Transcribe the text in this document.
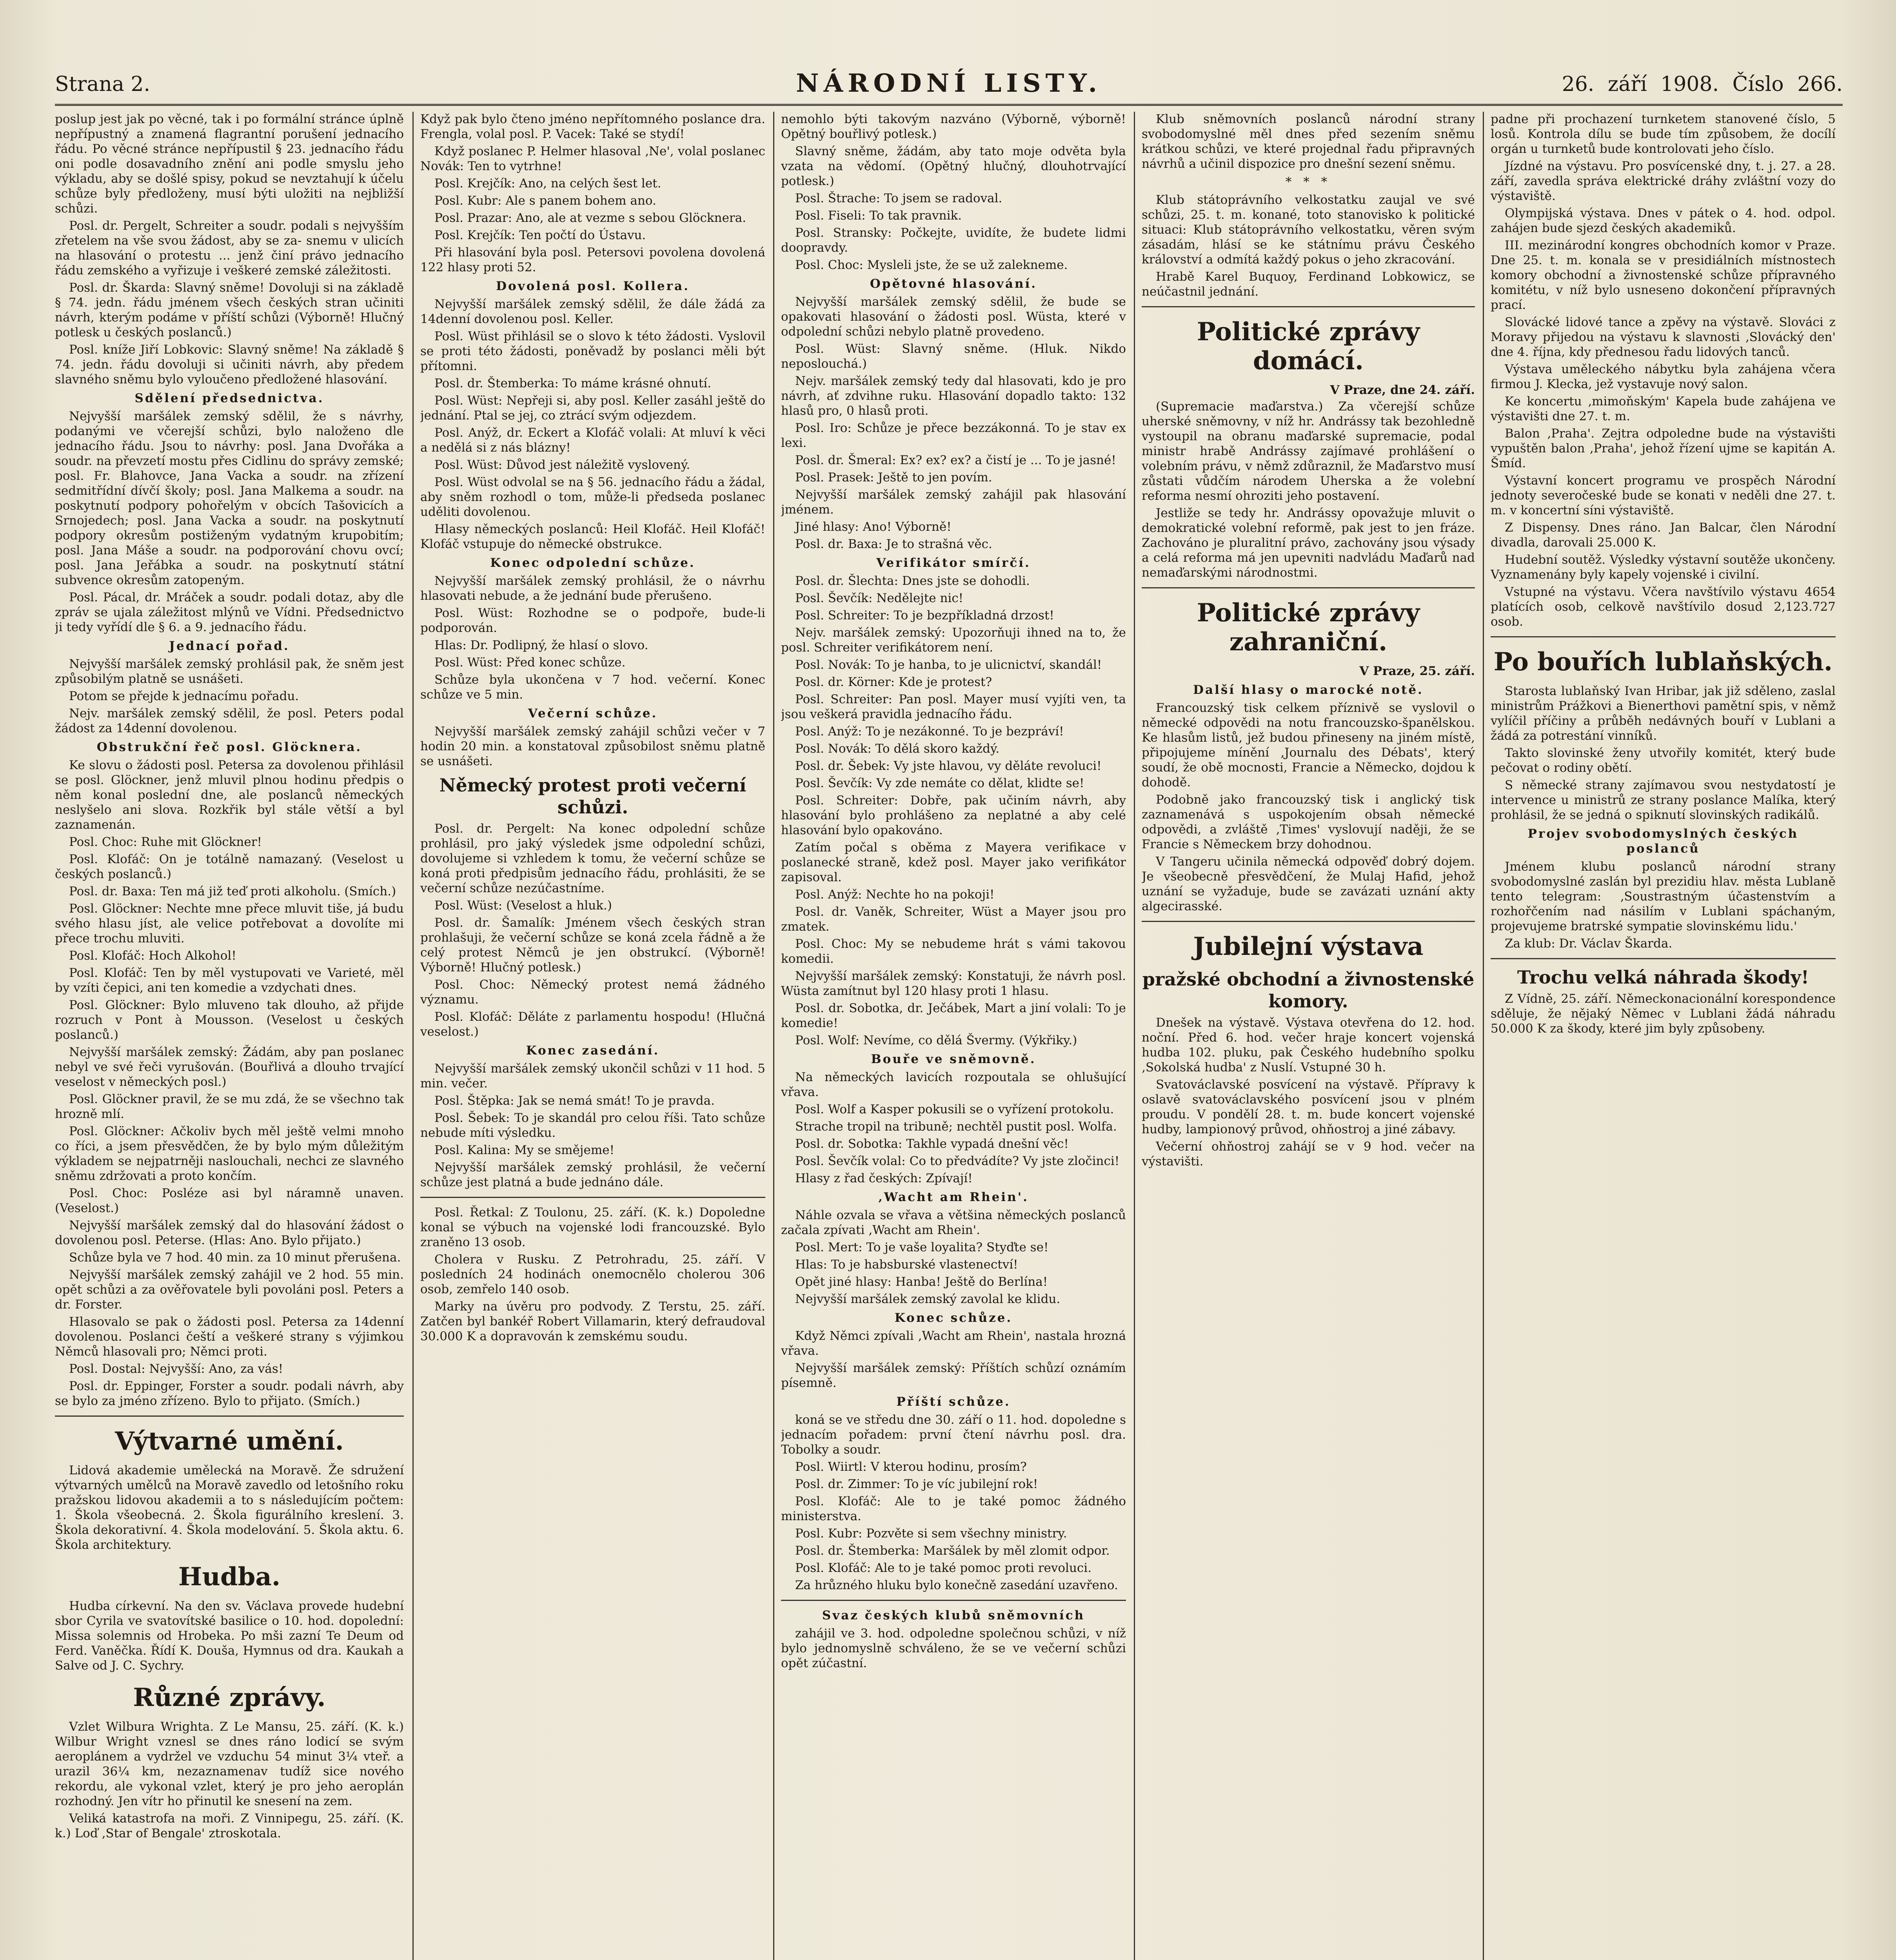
Strana 2.	NÁRODNÍ LISTY.	26. září 1908. Číslo 266.

poslup jest jak po věcné, tak i po formální stránce úplně nepřípustný a znamená flagrantní porušení jednacího řádu. Po věcné stránce nepřípustil § 23. jednacího řádu oni podle dosavadního znění ani podle smyslu jeho výkladu, aby se došlé spisy, pokud se nevztahují k účelu schůze byly předloženy, musí býti uložiti na nejbližší schůzi.

Posl. dr. Pergelt, Schreiter a soudr. podali s nejvyšším zřetelem na vše svou žádost, aby se za- snemu v ulicích na hlasování o protestu ... jenž činí právo jednacího řádu zemského a vyřizuje i veškeré zemské záležitosti.

Posl. dr. Škarda: Slavný sněme! Dovoluji si na základě § 74. jedn. řádu jménem všech českých stran učiniti návrh, kterým podáme v příští schůzi (Výborně! Hlučný potlesk u českých poslanců.)

Posl. kníže Jiří Lobkovic: Slavný sněme! Na základě § 74. jedn. řádu dovoluji si učiniti návrh, aby předem slavného sněmu bylo vyloučeno předložené hlasování.

Sdělení předsednictva.

Nejvyšší maršálek zemský sdělil, že s návrhy, podanými ve včerejší schůzi, bylo naloženo dle jednacího řádu. Jsou to návrhy: posl. Jana Dvořáka a soudr. na převzetí mostu přes Cidlinu do správy zemské; posl. Fr. Blahovce, Jana Vacka a soudr. na zřízení sedmitřídní dívčí školy; posl. Jana Malkema a soudr. na poskytnutí podpory pohořelým v obcích Tašovicích a Srnojedech; posl. Jana Vacka a soudr. na poskytnutí podpory okresům postiženým vydatným krupobitím; posl. Jana Máše a soudr. na podporování chovu ovcí; posl. Jana Jeřábka a soudr. na poskytnutí státní subvence okresům zatopeným.

Posl. Pácal, dr. Mráček a soudr. podali dotaz, aby dle zpráv se ujala záležitost mlýnů ve Vídni. Předsednictvo ji tedy vyřídí dle § 6. a 9. jednacího řádu.

Jednací pořad.

Nejvyšší maršálek zemský prohlásil pak, že sněm jest způsobilým platně se usnášeti.

Potom se přejde k jednacímu pořadu.

Nejv. maršálek zemský sdělil, že posl. Peters podal žádost za 14denní dovolenou.

Obstrukční řeč posl. Glöcknera.

Ke slovu o žádosti posl. Petersa za dovolenou přihlásil se posl. Glöckner, jenž mluvil plnou hodinu předpis o něm konal poslední dne, ale poslanců německých neslyšelo ani slova. Rozkřik byl stále větší a byl zaznamenán.

Posl. Choc: Ruhe mit Glöckner!

Posl. Klofáč: On je totálně namazaný. (Veselost u českých poslanců.)

Posl. dr. Baxa: Ten má již teď proti alkoholu. (Smích.)

Posl. Glöckner: Nechte mne přece mluvit tiše, já budu svého hlasu jíst, ale velice potřebovat a dovolíte mi přece trochu mluviti.

Posl. Klofáč: Hoch Alkohol!

Posl. Klofáč: Ten by měl vystupovati ve Varieté, měl by vzíti čepici, ani ten komedie a vzdychati dnes.

Posl. Glöckner: Bylo mluveno tak dlouho, až přijde rozruch v Pont à Mousson. (Veselost u českých poslanců.)

Nejvyšší maršálek zemský: Žádám, aby pan poslanec nebyl ve své řeči vyrušován. (Bouřlivá a dlouho trvající veselost v německých posl.)

Posl. Glöckner pravil, že se mu zdá, že se všechno tak hrozně mlí.

Posl. Glöckner: Ačkoliv bych měl ještě velmi mnoho co říci, a jsem přesvědčen, že by bylo mým důležitým výkladem se nejpatrněji naslouchali, nechci ze slavného sněmu zdržovati a proto končím.

Posl. Choc: Posléze asi byl náramně unaven. (Veselost.)

Nejvyšší maršálek zemský dal do hlasování žádost o dovolenou posl. Peterse. (Hlas: Ano. Bylo přijato.)

Schůze byla ve 7 hod. 40 min. za 10 minut přerušena.

Nejvyšší maršálek zemský zahájil ve 2 hod. 55 min. opět schůzi a za ověřovatele byli povoláni posl. Peters a dr. Forster.

Hlasovalo se pak o žádosti posl. Petersa za 14denní dovolenou. Poslanci čeští a veškeré strany s výjimkou Němců hlasovali pro; Němci proti.

Posl. Dostal: Nejvyšší: Ano, za vás!

Posl. dr. Eppinger, Forster a soudr. podali návrh, aby se bylo za jméno zřízeno. Bylo to přijato. (Smích.)

Výtvarné umění.

Lidová akademie umělecká na Moravě. Že sdružení výtvarných umělců na Moravě zavedlo od letošního roku pražskou lidovou akademii a to s následujícím počtem: 1. Škola všeobecná. 2. Škola figurálního kreslení. 3. Škola dekorativní. 4. Škola modelování. 5. Škola aktu. 6. Škola architektury.

Hudba.

Hudba církevní. Na den sv. Václava provede hudební sbor Cyrila ve svatovítské basilice o 10. hod. dopolední: Missa solemnis od Hrobeka. Po mši zazní Te Deum od Ferd. Vaněčka. Řídí K. Douša, Hymnus od dra. Kaukah a Salve od J. C. Sychry.

Různé zprávy.

Vzlet Wilbura Wrighta. Z Le Mansu, 25. září. (K. k.) Wilbur Wright vznesl se dnes ráno lodicí se svým aeroplánem a vydržel ve vzduchu 54 minut 3¼ vteř. a urazil 36¼ km, nezaznamenav tudíž sice nového rekordu, ale vykonal vzlet, který je pro jeho aeroplán rozhodný. Jen vítr ho přinutil ke snesení na zem.

Veliká katastrofa na moři. Z Vinnipegu, 25. září. (K. k.) Loď ‚Star of Bengale' ztroskotala.

Když pak bylo čteno jméno nepřítomného poslance dra. Frengla, volal posl. P. Vacek: Také se stydí!

Když poslanec P. Helmer hlasoval ‚Ne', volal poslanec Novák: Ten to vytrhne!

Posl. Krejčík: Ano, na celých šest let.

Posl. Kubr: Ale s panem bohem ano.

Posl. Prazar: Ano, ale at vezme s sebou Glöcknera.

Posl. Krejčík: Ten počtí do Ústavu.

Při hlasování byla posl. Petersovi povolena dovolená 122 hlasy proti 52.

Dovolená posl. Kollera.

Nejvyšší maršálek zemský sdělil, že dále žádá za 14denní dovolenou posl. Keller.

Posl. Wüst přihlásil se o slovo k této žádosti. Vyslovil se proti této žádosti, poněvadž by poslanci měli být přítomni.

Posl. dr. Štemberka: To máme krásné ohnutí.

Posl. Wüst: Nepřeji si, aby posl. Keller zasáhl ještě do jednání. Ptal se jej, co ztrácí svým odjezdem.

Posl. Anýž, dr. Eckert a Klofáč volali: At mluví k věci a nedělá si z nás blázny!

Posl. Wüst: Důvod jest náležitě vyslovený.

Posl. Wüst odvolal se na § 56. jednacího řádu a žádal, aby sněm rozhodl o tom, může-li předseda poslanec uděliti dovolenou.

Hlasy německých poslanců: Heil Klofáč. Heil Klofáč! Klofáč vstupuje do německé obstrukce.

Konec odpolední schůze.

Nejvyšší maršálek zemský prohlásil, že o návrhu hlasovati nebude, a že jednání bude přerušeno.

Posl. Wüst: Rozhodne se o podpoře, bude-li podporován.

Hlas: Dr. Podlipný, že hlasí o slovo.

Posl. Wüst: Před konec schůze.

Schůze byla ukončena v 7 hod. večerní. Konec schůze ve 5 min.

Večerní schůze.

Nejvyšší maršálek zemský zahájil schůzi večer v 7 hodin 20 min. a konstatoval způsobilost sněmu platně se usnášeti.

Německý protest proti večerní schůzi.

Posl. dr. Pergelt: Na konec odpolední schůze prohlásil, pro jaký výsledek jsme odpolední schůzi, dovolujeme si vzhledem k tomu, že večerní schůze se koná proti předpisům jednacího řádu, prohlásiti, že se večerní schůze nezúčastníme.

Posl. Wüst: (Veselost a hluk.)

Posl. dr. Šamalík: Jménem všech českých stran prohlašuji, že večerní schůze se koná zcela řádně a že celý protest Němců je jen obstrukcí. (Výborně! Výborně! Hlučný potlesk.)

Posl. Choc: Německý protest nemá žádného významu.

Posl. Klofáč: Děláte z parlamentu hospodu! (Hlučná veselost.)

Konec zasedání.

Nejvyšší maršálek zemský ukončil schůzi v 11 hod. 5 min. večer.

Posl. Štěpka: Jak se nemá smát! To je pravda.

Posl. Šebek: To je skandál pro celou říši. Tato schůze nebude míti výsledku.

Posl. Kalina: My se smějeme!

Nejvyšší maršálek zemský prohlásil, že večerní schůze jest platná a bude jednáno dále.

Posl. Řetkal: Z Toulonu, 25. září. (K. k.) Dopoledne konal se výbuch na vojenské lodi francouzské. Bylo zraněno 13 osob.

Cholera v Rusku. Z Petrohradu, 25. září. V posledních 24 hodinách onemocnělo cholerou 306 osob, zemřelo 140 osob.

Marky na úvěru pro podvody. Z Terstu, 25. září. Zatčen byl bankéř Robert Villamarin, který defraudoval 30.000 K a dopravován k zemskému soudu.

nemohlo býti takovým nazváno (Výborně, výborně! Opětný bouřlivý potlesk.)

Slavný sněme, žádám, aby tato moje odvěta byla vzata na vědomí. (Opětný hlučný, dlouhotrvající potlesk.)

Posl. Štrache: To jsem se radoval.

Posl. Fiseli: To tak pravnik.

Posl. Stransky: Počkejte, uvidíte, že budete lidmi doopravdy.

Posl. Choc: Mysleli jste, že se už zalekneme.

Opětovné hlasování.

Nejvyšší maršálek zemský sdělil, že bude se opakovati hlasování o žádosti posl. Wüsta, které v odpolední schůzi nebylo platně provedeno.

Posl. Wüst: Slavný sněme. (Hluk. Nikdo neposlouchá.)

Nejv. maršálek zemský tedy dal hlasovati, kdo je pro návrh, ať zdvihne ruku. Hlasování dopadlo takto: 132 hlasů pro, 0 hlasů proti.

Posl. Iro: Schůze je přece bezzákonná. To je stav ex lexi.

Posl. dr. Šmeral: Ex? ex? ex? a čistí je ... To je jasné!

Posl. Prasek: Ještě to jen povím.

Nejvyšší maršálek zemský zahájil pak hlasování jménem.

Jiné hlasy: Ano! Výborně!

Posl. dr. Baxa: Je to strašná věc.

Verifikátor smírčí.

Posl. dr. Šlechta: Dnes jste se dohodli.

Posl. Ševčík: Nedělejte nic!

Posl. Schreiter: To je bezpříkladná drzost!

Nejv. maršálek zemský: Upozorňuji ihned na to, že posl. Schreiter verifikátorem není.

Posl. Novák: To je hanba, to je ulicnictví, skandál!

Posl. dr. Körner: Kde je protest?

Posl. Schreiter: Pan posl. Mayer musí vyjíti ven, ta jsou veškerá pravidla jednacího řádu.

Posl. Anýž: To je nezákonné. To je bezpráví!

Posl. Novák: To dělá skoro každý.

Posl. dr. Šebek: Vy jste hlavou, vy děláte revoluci!

Posl. Ševčík: Vy zde nemáte co dělat, klidte se!

Posl. Schreiter: Dobře, pak učiním návrh, aby hlasování bylo prohlášeno za neplatné a aby celé hlasování bylo opakováno.

Zatím počal s oběma z Mayera verifikace v poslanecké straně, kdež posl. Mayer jako verifikátor zapisoval.

Posl. Anýž: Nechte ho na pokoji!

Posl. dr. Vaněk, Schreiter, Wüst a Mayer jsou pro zmatek.

Posl. Choc: My se nebudeme hrát s vámi takovou komedii.

Nejvyšší maršálek zemský: Konstatuji, že návrh posl. Wüsta zamítnut byl 120 hlasy proti 1 hlasu.

Posl. dr. Sobotka, dr. Ječábek, Mart a jiní volali: To je komedie!

Posl. Wolf: Nevíme, co dělá Švermy. (Výkřiky.)

Bouře ve sněmovně.

Na německých lavicích rozpoutala se ohlušující vřava.

Posl. Wolf a Kasper pokusili se o vyřízení protokolu.

Strache tropil na tribuně; nechtěl pustit posl. Wolfa.

Posl. dr. Sobotka: Takhle vypadá dnešní věc!

Posl. Ševčík volal: Co to předvádíte? Vy jste zločinci!

Hlasy z řad českých: Zpívají!

‚Wacht am Rhein'.

Náhle ozvala se vřava a většina německých poslanců začala zpívati ‚Wacht am Rhein'.

Posl. Mert: To je vaše loyalita? Styďte se!

Hlas: To je habsburské vlastenectví!

Opět jiné hlasy: Hanba! Ještě do Berlína!

Nejvyšší maršálek zemský zavolal ke klidu.

Konec schůze.

Když Němci zpívali ‚Wacht am Rhein', nastala hrozná vřava.

Nejvyšší maršálek zemský: Příštích schůzí oznámím písemně.

Příští schůze.

koná se ve středu dne 30. září o 11. hod. dopoledne s jednacím pořadem: první čtení návrhu posl. dra. Tobolky a soudr.

Posl. Wiirtl: V kterou hodinu, prosím?

Posl. dr. Zimmer: To je víc jubilejní rok!

Posl. Klofáč: Ale to je také pomoc žádného ministerstva.

Posl. Kubr: Pozvěte si sem všechny ministry.

Posl. dr. Štemberka: Maršálek by měl zlomit odpor.

Posl. Klofáč: Ale to je také pomoc proti revoluci.

Za hrůzného hluku bylo konečně zasedání uzavřeno.

Svaz českých klubů sněmovních

zahájil ve 3. hod. odpoledne společnou schůzi, v níž bylo jednomyslně schváleno, že se ve večerní schůzi opět zúčastní.

Klub sněmovních poslanců národní strany svobodomyslné měl dnes před sezením sněmu krátkou schůzi, ve které projednal řadu připravných návrhů a učinil dispozice pro dnešní sezení sněmu.

* * *

Klub státoprávního velkostatku zaujal ve své schůzi, 25. t. m. konané, toto stanovisko k politické situaci: Klub státoprávního velkostatku, věren svým zásadám, hlásí se ke státnímu právu Českého království a odmítá každý pokus o jeho zkracování.

Hrabě Karel Buquoy, Ferdinand Lobkowicz, se neúčastnil jednání.

Politické zprávy domácí.

V Praze, dne 24. září.

(Supremacie maďarstva.) Za včerejší schůze uherské sněmovny, v níž hr. Andrássy tak bezohledně vystoupil na obranu maďarské supremacie, podal ministr hrabě Andrássy zajímavé prohlášení o volebním právu, v němž zdůraznil, že Maďarstvo musí zůstati vůdčím národem Uherska a že volební reforma nesmí ohroziti jeho postavení.

Jestliže se tedy hr. Andrássy opovažuje mluvit o demokratické volební reformě, pak jest to jen fráze. Zachováno je pluralitní právo, zachovány jsou výsady a celá reforma má jen upevniti nadvládu Maďarů nad nemaďarskými národnostmi.

Politické zprávy zahraniční.

V Praze, 25. září.

Další hlasy o marocké notě.

Francouzský tisk celkem příznivě se vyslovil o německé odpovědi na notu francouzsko-španělskou. Ke hlasům listů, jež budou přineseny na jiném místě, připojujeme mínění ‚Journalu des Débats', který soudí, že obě mocnosti, Francie a Německo, dojdou k dohodě.

Podobně jako francouzský tisk i anglický tisk zaznamenává s uspokojením obsah německé odpovědi, a zvláště ‚Times' vyslovují naději, že se Francie s Německem brzy dohodnou.

V Tangeru učinila německá odpověď dobrý dojem. Je všeobecně přesvědčení, že Mulaj Hafid, jehož uznání se vyžaduje, bude se zavázati uznání akty algecirasské.

Jubilejní výstava

pražské obchodní a živnostenské komory.

Dnešek na výstavě. Výstava otevřena do 12. hod. noční. Před 6. hod. večer hraje koncert vojenská hudba 102. pluku, pak Českého hudebního spolku ‚Sokolská hudba' z Nuslí. Vstupné 30 h.

Svatováclavské posvícení na výstavě. Přípravy k oslavě svatováclavského posvícení jsou v plném proudu. V pondělí 28. t. m. bude koncert vojenské hudby, lampionový průvod, ohňostroj a jiné zábavy.

Večerní ohňostroj zahájí se v 9 hod. večer na výstavišti.

padne při prochazení turnketem stanovené číslo, 5 losů. Kontrola dílu se bude tím způsobem, že docílí orgán u turnketů bude kontrolovati jeho číslo.

Jízdné na výstavu. Pro posvícenské dny, t. j. 27. a 28. září, zavedla správa elektrické dráhy zvláštní vozy do výstaviště.

Olympijská výstava. Dnes v pátek o 4. hod. odpol. zahájen bude sjezd českých akademiků.

III. mezinárodní kongres obchodních komor v Praze. Dne 25. t. m. konala se v presidiálních místnostech komory obchodní a živnostenské schůze přípravného komitétu, v níž bylo usneseno dokončení přípravných prací.

Slovácké lidové tance a zpěvy na výstavě. Slováci z Moravy přijedou na výstavu k slavnosti ‚Slovácký den' dne 4. října, kdy přednesou řadu lidových tanců.

Výstava uměleckého nábytku byla zahájena včera firmou J. Klecka, jež vystavuje nový salon.

Ke koncertu ‚mimoňským' Kapela bude zahájena ve výstavišti dne 27. t. m.

Balon ‚Praha'. Zejtra odpoledne bude na výstavišti vypuštěn balon ‚Praha', jehož řízení ujme se kapitán A. Šmíd.

Výstavní koncert programu ve prospěch Národní jednoty severočeské bude se konati v neděli dne 27. t. m. v koncertní síni výstaviště.

Z Dispensy. Dnes ráno. Jan Balcar, člen Národní divadla, darovali 25.000 K.

Hudební soutěž. Výsledky výstavní soutěže ukončeny. Vyznamenány byly kapely vojenské i civilní.

Vstupné na výstavu. Včera navštívilo výstavu 4654 platících osob, celkově navštívilo dosud 2,123.727 osob.

Po bouřích lublaňských.

Starosta lublaňský Ivan Hribar, jak již sděleno, zaslal ministrům Prážkovi a Bienerthovi pamětní spis, v němž vylíčil příčiny a průběh nedávných bouří v Lublani a žádá za potrestání vinníků.

Takto slovinské ženy utvořily komitét, který bude pečovat o rodiny obětí.

S německé strany zajímavou svou nestydatostí je intervence u ministrů ze strany poslance Malíka, který prohlásil, že se jedná o spiknutí slovinských radikálů.

Projev svobodomyslných českých poslanců

Jménem klubu poslanců národní strany svobodomyslné zaslán byl prezidiu hlav. města Lublaně tento telegram: ‚Soustrastným účastenstvím a rozhořčením nad násilím v Lublani spáchaným, projevujeme bratrské sympatie slovinskému lidu.'

Za klub: Dr. Václav Škarda.

Trochu velká náhrada škody!

Z Vídně, 25. září. Německonacionální korespondence sděluje, že nějaký Němec v Lublani žádá náhradu 50.000 K za škody, které jim byly způsobeny.
